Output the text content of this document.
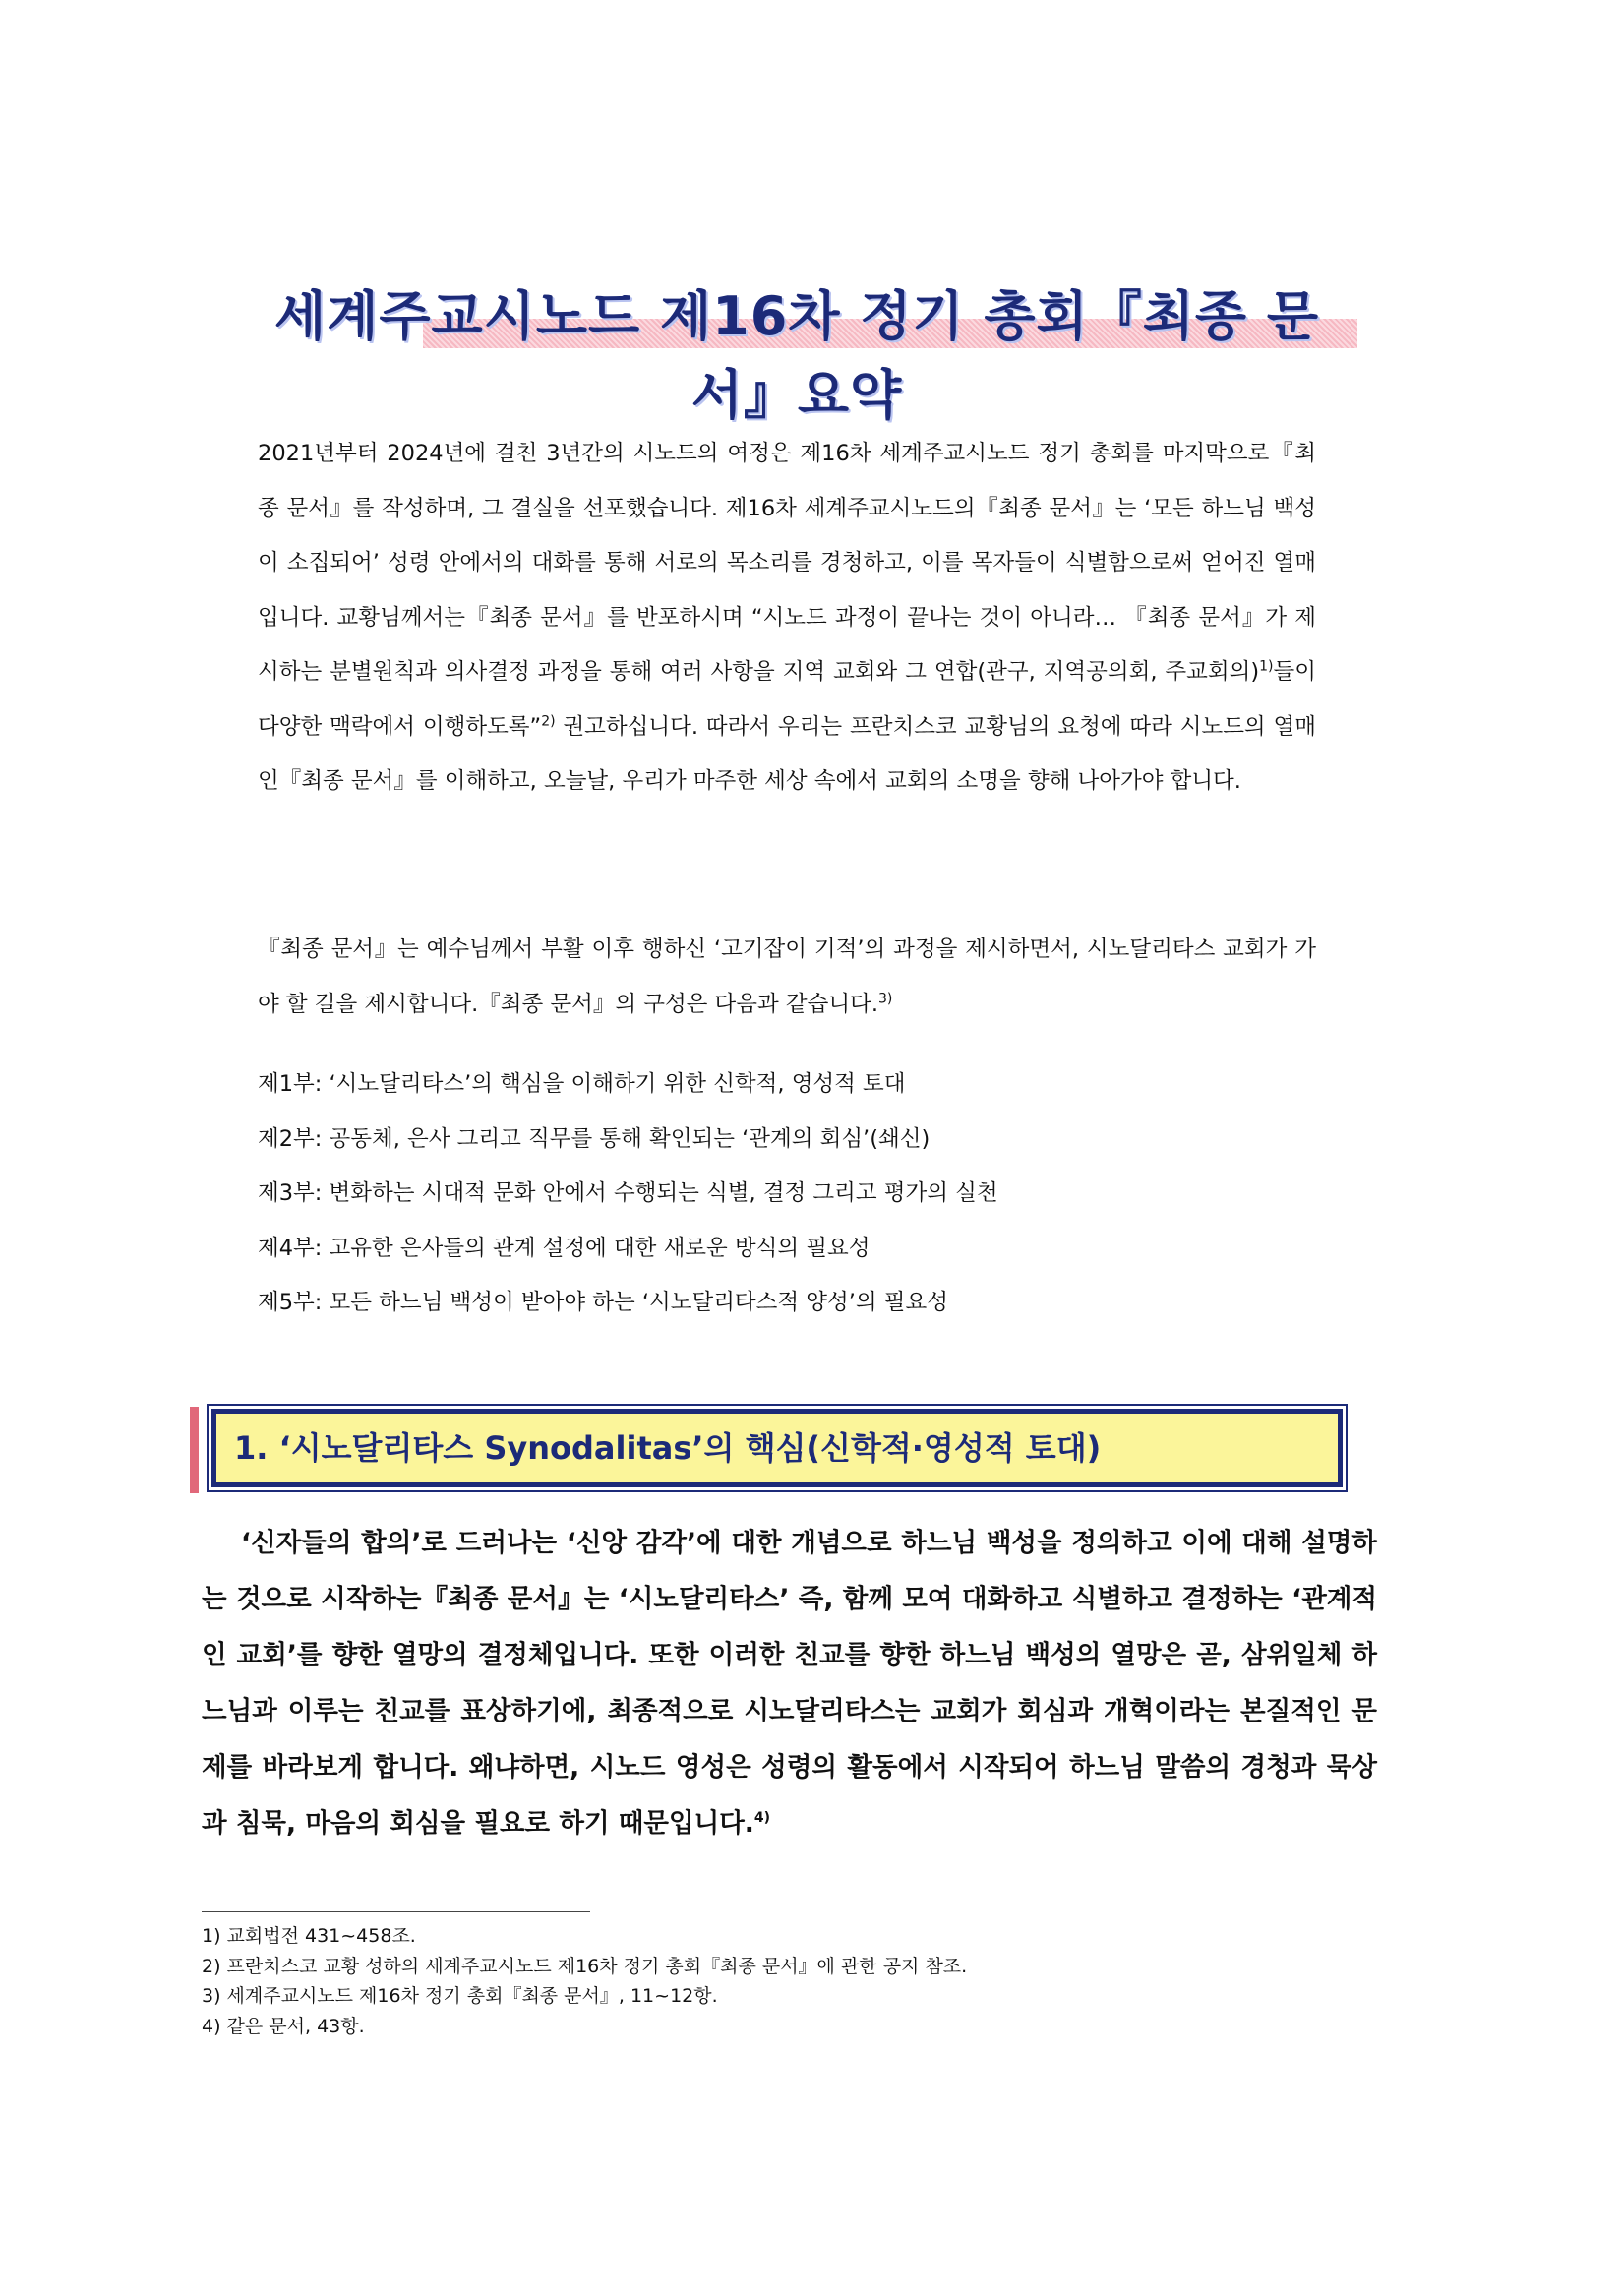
세계주교시노드 제16차 정기 총회『최종 문서』요약
2021년부터 2024년에 걸친 3년간의 시노드의 여정은 제16차 세계주교시노드 정기 총회를 마지막으로『최종 문서』를 작성하며, 그 결실을 선포했습니다. 제16차 세계주교시노드의『최종 문서』는 ‘모든 하느님 백성이 소집되어’ 성령 안에서의 대화를 통해 서로의 목소리를 경청하고, 이를 목자들이 식별함으로써 얻어진 열매입니다. 교황님께서는『최종 문서』를 반포하시며 “시노드 과정이 끝나는 것이 아니라… 『최종 문서』가 제시하는 분별원칙과 의사결정 과정을 통해 여러 사항을 지역 교회와 그 연합(관구, 지역공의회, 주교회의)$^{1)}$들이 다양한 맥락에서 이행하도록”$^{2)}$ 권고하십니다. 따라서 우리는 프란치스코 교황님의 요청에 따라 시노드의 열매인『최종 문서』를 이해하고, 오늘날, 우리가 마주한 세상 속에서 교회의 소명을 향해 나아가야 합니다.
『최종 문서』는 예수님께서 부활 이후 행하신 ‘고기잡이 기적’의 과정을 제시하면서, 시노달리타스 교회가 가야 할 길을 제시합니다.『최종 문서』의 구성은 다음과 같습니다.$^{3)}$
제1부: ‘시노달리타스’의 핵심을 이해하기 위한 신학적, 영성적 토대
제2부: 공동체, 은사 그리고 직무를 통해 확인되는 ‘관계의 회심’(쇄신)
제3부: 변화하는 시대적 문화 안에서 수행되는 식별, 결정 그리고 평가의 실천
제4부: 고유한 은사들의 관계 설정에 대한 새로운 방식의 필요성
제5부: 모든 하느님 백성이 받아야 하는 ‘시노달리타스적 양성’의 필요성
1. ‘시노달리타스 Synodalitas’의 핵심(신학적·영성적 토대)
‘신자들의 합의’로 드러나는 ‘신앙 감각’에 대한 개념으로 하느님 백성을 정의하고 이에 대해 설명하는 것으로 시작하는『최종 문서』는 ‘시노달리타스’ 즉, 함께 모여 대화하고 식별하고 결정하는 ‘관계적인 교회’를 향한 열망의 결정체입니다. 또한 이러한 친교를 향한 하느님 백성의 열망은 곧, 삼위일체 하느님과 이루는 친교를 표상하기에, 최종적으로 시노달리타스는 교회가 회심과 개혁이라는 본질적인 문제를 바라보게 합니다. 왜냐하면, 시노드 영성은 성령의 활동에서 시작되어 하느님 말씀의 경청과 묵상과 침묵, 마음의 회심을 필요로 하기 때문입니다.$^{4)}$
1) 교회법전 431~458조.
2) 프란치스코 교황 성하의 세계주교시노드 제16차 정기 총회『최종 문서』에 관한 공지 참조.
3) 세계주교시노드 제16차 정기 총회『최종 문서』, 11~12항.
4) 같은 문서, 43항.
